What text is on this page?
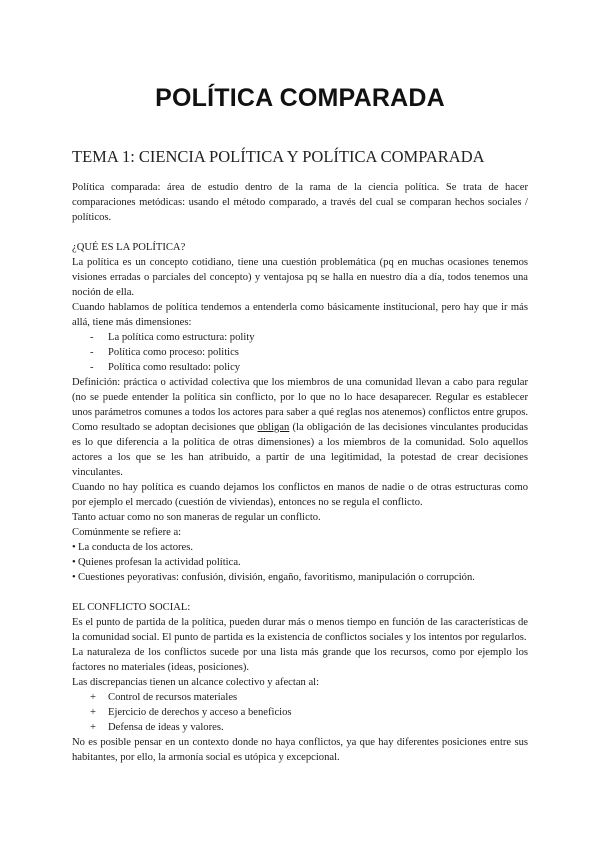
POLÍTICA COMPARADA
TEMA 1: CIENCIA POLÍTICA Y POLÍTICA COMPARADA

Política comparada: área de estudio dentro de la rama de la ciencia política. Se trata de hacer comparaciones metódicas: usando el método comparado, a través del cual se comparan hechos sociales / políticos.

¿QUÉ ES LA POLÍTICA?

La política es un concepto cotidiano, tiene una cuestión problemática (pq en muchas ocasiones tenemos visiones erradas o parciales del concepto) y ventajosa pq se halla en nuestro día a día, todos tenemos una noción de ella.

Cuando hablamos de política tendemos a entenderla como básicamente institucional, pero hay que ir más allá, tiene más dimensiones:

- La política como estructura: polity
- Política como proceso: politics
- Política como resultado: policy

Definición: práctica o actividad colectiva que los miembros de una comunidad llevan a cabo para regular (no se puede entender la política sin conflicto, por lo que no lo hace desaparecer. Regular es establecer unos parámetros comunes a todos los actores para saber a qué reglas nos atenemos) conflictos entre grupos. Como resultado se adoptan decisiones que obligan (la obligación de las decisiones vinculantes producidas es lo que diferencia a la política de otras dimensiones) a los miembros de la comunidad. Solo aquellos actores a los que se les han atribuido, a partir de una legitimidad, la potestad de crear decisiones vinculantes.

Cuando no hay política es cuando dejamos los conflictos en manos de nadie o de otras estructuras como por ejemplo el mercado (cuestión de viviendas), entonces no se regula el conflicto.

Tanto actuar como no son maneras de regular un conflicto.

Comúnmente se refiere a:

• La conducta de los actores.
• Quienes profesan la actividad política.
• Cuestiones peyorativas: confusión, división, engaño, favoritismo, manipulación o corrupción.

EL CONFLICTO SOCIAL:

Es el punto de partida de la política, pueden durar más o menos tiempo en función de las características de la comunidad social. El punto de partida es la existencia de conflictos sociales y los intentos por regularlos.

La naturaleza de los conflictos sucede por una lista más grande que los recursos, como por ejemplo los factores no materiales (ideas, posiciones).

Las discrepancias tienen un alcance colectivo y afectan al:

+ Control de recursos materiales
+ Ejercicio de derechos y acceso a beneficios
+ Defensa de ideas y valores.

No es posible pensar en un contexto donde no haya conflictos, ya que hay diferentes posiciones entre sus habitantes, por ello, la armonía social es utópica y excepcional.
